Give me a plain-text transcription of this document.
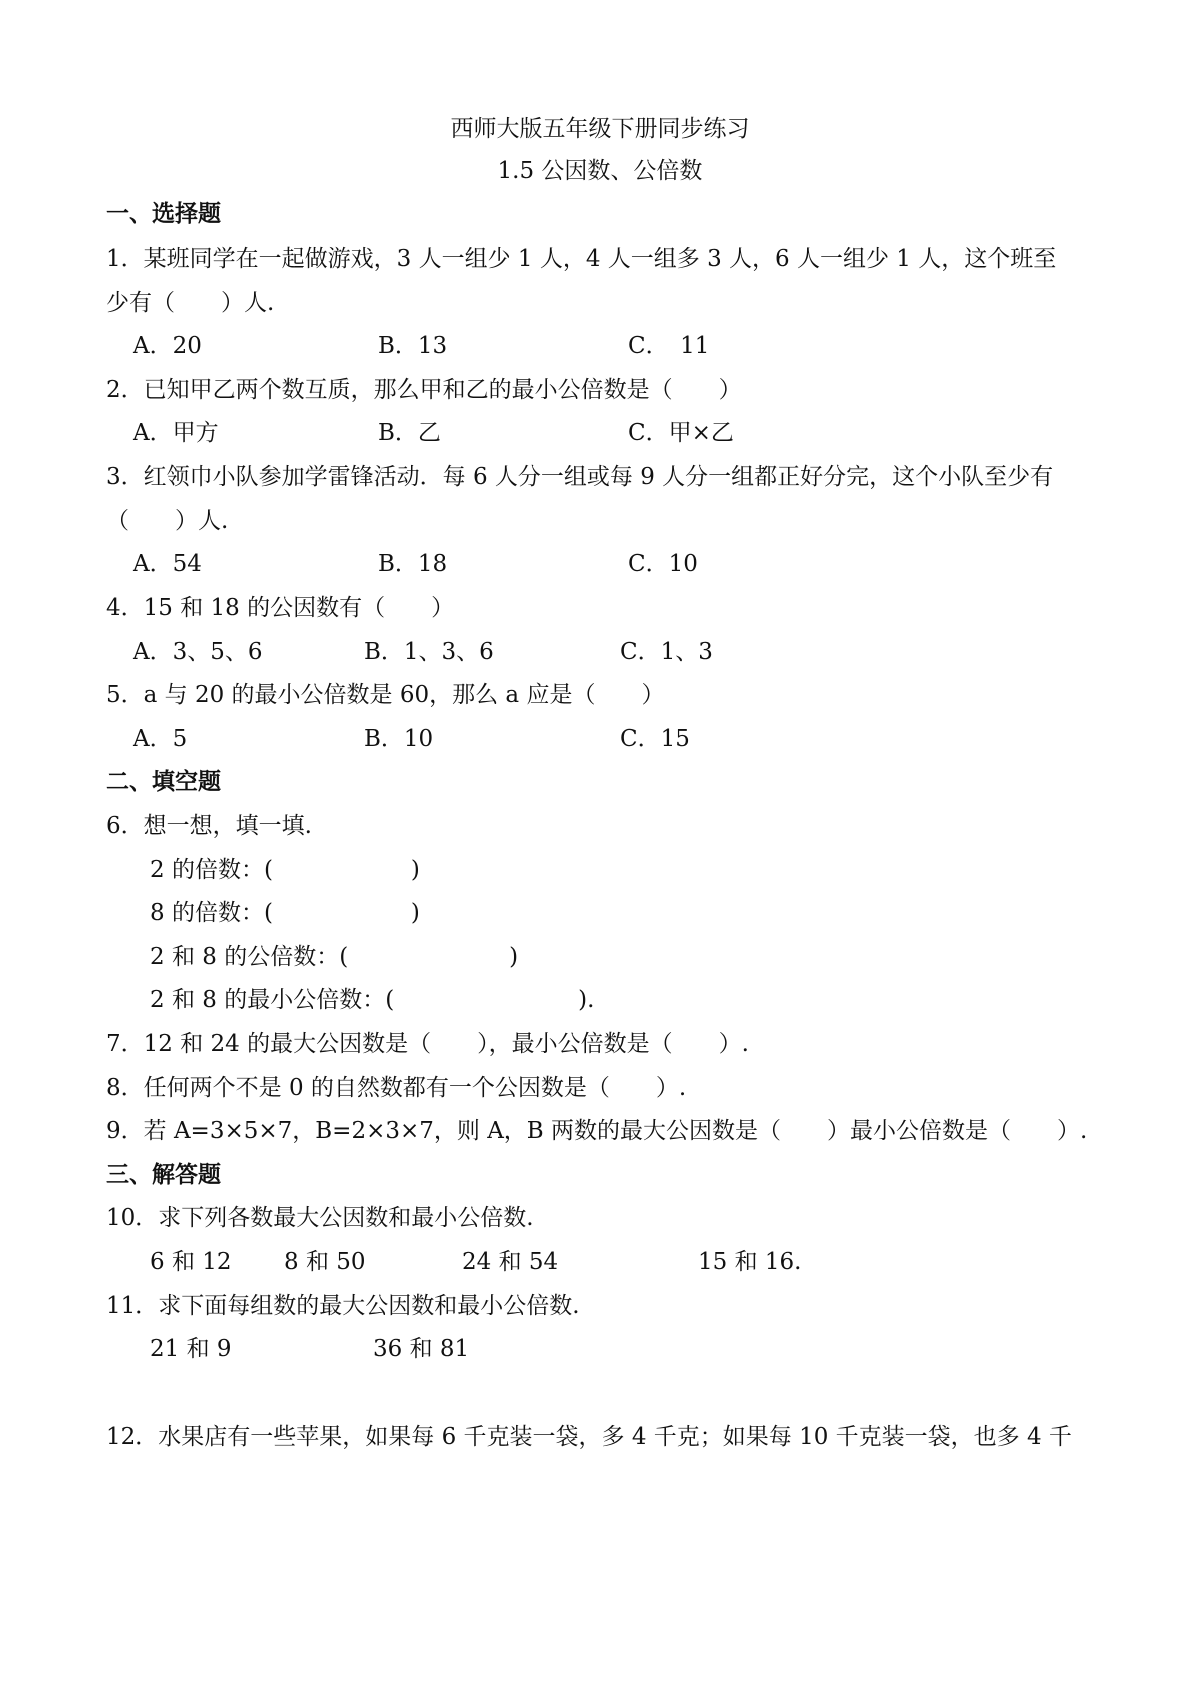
西师大版五年级下册同步练习
1.5 公因数、公倍数
一、选择题
1．某班同学在一起做游戏，3 人一组少 1 人，4 人一组多 3 人，6 人一组少 1 人，这个班至
少有（　　）人.
A．20	B．13	C．　11
2．已知甲乙两个数互质，那么甲和乙的最小公倍数是（　　）
A．甲方	B．乙	C．甲×乙
3．红领巾小队参加学雷锋活动．每 6 人分一组或每 9 人分一组都正好分完，这个小队至少有
（　　）人.
A．54	B．18	C．10
4．15 和 18 的公因数有（　　）
A．3、5、6	B．1、3、6	C．1、3
5．a 与 20 的最小公倍数是 60，那么 a 应是（　　）
A．5	B．10	C．15
二、填空题
6．想一想，填一填.
2 的倍数：(　　　　　　)
8 的倍数：(　　　　　　)
2 和 8 的公倍数：(　　　　　　　)
2 和 8 的最小公倍数：(　　　　　　　　).
7．12 和 24 的最大公因数是（　　），最小公倍数是（　　）.
8．任何两个不是 0 的自然数都有一个公因数是（　　）.
9．若 A=3×5×7，B=2×3×7，则 A，B 两数的最大公因数是（　　）最小公倍数是（　　）.
三、解答题
10．求下列各数最大公因数和最小公倍数.
6 和 12 8 和 50	24 和 54	15 和 16.
11．求下面每组数的最大公因数和最小公倍数.
21 和 9	36 和 81
12．水果店有一些苹果，如果每 6 千克装一袋，多 4 千克；如果每 10 千克装一袋，也多 4 千
